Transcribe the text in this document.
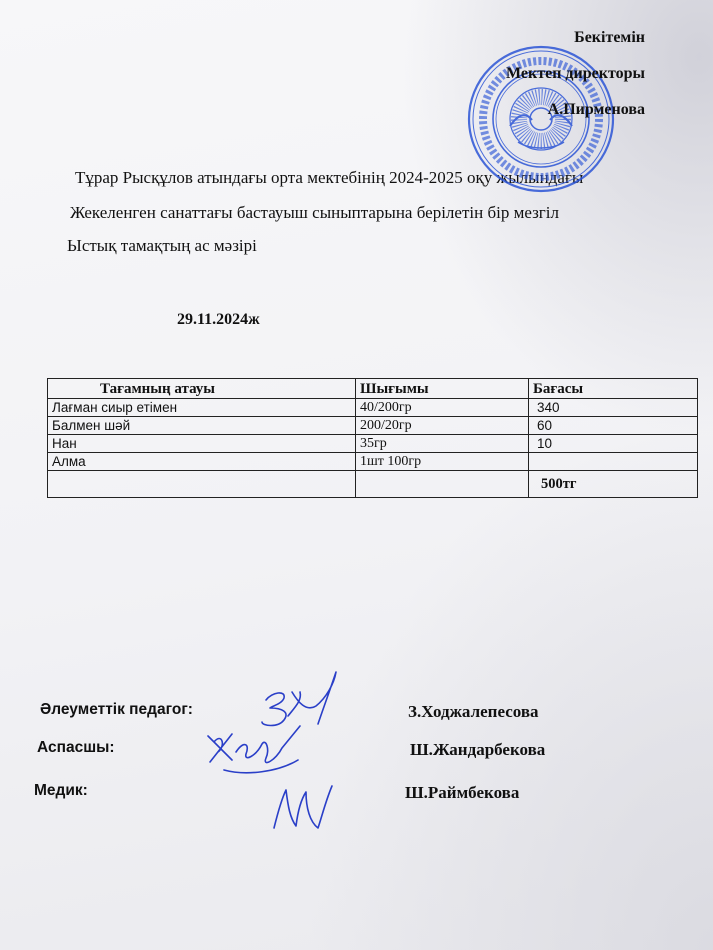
Бекітемін
Мектеп директоры
А.Пирменова
Тұрар Рысқұлов атындағы орта мектебінің 2024-2025 оқу жылындағы
Жекеленген санаттағы бастауыш сыныптарына берілетін бір мезгіл
Ыстық тамақтың ас мәзірі
29.11.2024ж
Тағамның атауы	Шығымы	Бағасы
Лағман сиыр етімен	40/200гр	340
Балмен шәй	200/20гр	60
Нан	35гр	10
Алма	1шт 100гр	
		500тг
Әлеуметтік педагог:	З.Ходжалепесова
Аспасшы:	Ш.Жандарбекова
Медик:	Ш.Раймбекова
